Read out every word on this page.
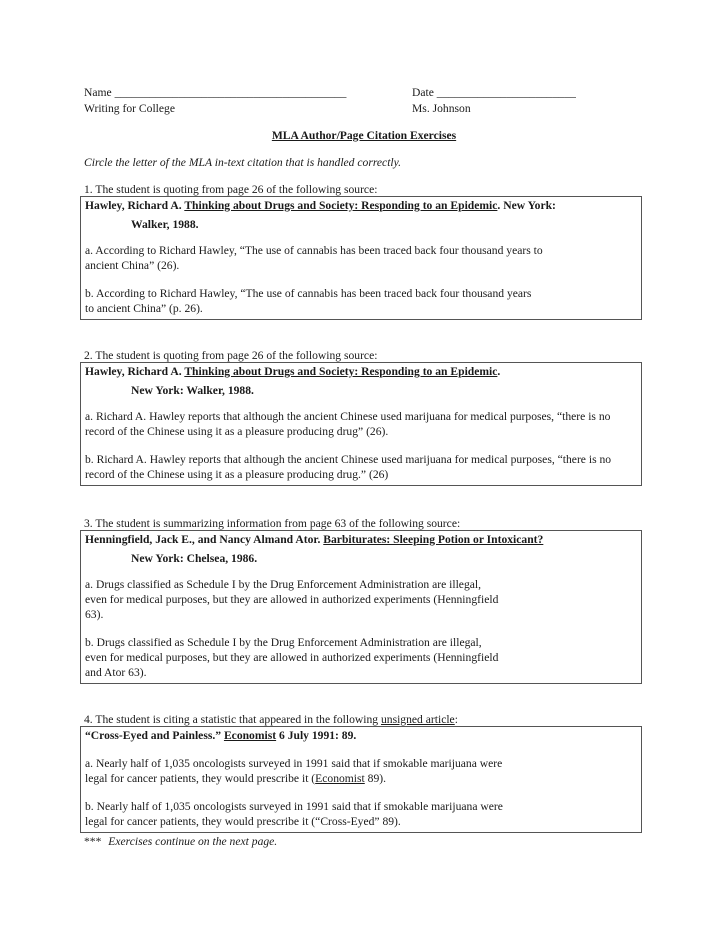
Name ________________________________________	Date ________________________
Writing for College	Ms. Johnson
MLA Author/Page Citation Exercises
Circle the letter of the MLA in-text citation that is handled correctly.
1. The student is quoting from page 26 of the following source:
Hawley, Richard A. Thinking about Drugs and Society: Responding to an Epidemic. New York:
Walker, 1988.
a. According to Richard Hawley, “The use of cannabis has been traced back four thousand years to
ancient China” (26).
b. According to Richard Hawley, “The use of cannabis has been traced back four thousand years
to ancient China” (p. 26).
2. The student is quoting from page 26 of the following source:
Hawley, Richard A. Thinking about Drugs and Society: Responding to an Epidemic.
New York: Walker, 1988.
a. Richard A. Hawley reports that although the ancient Chinese used marijuana for medical purposes, “there is no
record of the Chinese using it as a pleasure producing drug” (26).
b. Richard A. Hawley reports that although the ancient Chinese used marijuana for medical purposes, “there is no
record of the Chinese using it as a pleasure producing drug.” (26)
3. The student is summarizing information from page 63 of the following source:
Henningfield, Jack E., and Nancy Almand Ator. Barbiturates: Sleeping Potion or Intoxicant?
New York: Chelsea, 1986.
a. Drugs classified as Schedule I by the Drug Enforcement Administration are illegal,
even for medical purposes, but they are allowed in authorized experiments (Henningfield
63).
b. Drugs classified as Schedule I by the Drug Enforcement Administration are illegal,
even for medical purposes, but they are allowed in authorized experiments (Henningfield
and Ator 63).
4. The student is citing a statistic that appeared in the following unsigned article:
“Cross-Eyed and Painless.” Economist 6 July 1991: 89.
a. Nearly half of 1,035 oncologists surveyed in 1991 said that if smokable marijuana were
legal for cancer patients, they would prescribe it (Economist 89).
b. Nearly half of 1,035 oncologists surveyed in 1991 said that if smokable marijuana were
legal for cancer patients, they would prescribe it (“Cross-Eyed” 89).
*** Exercises continue on the next page.
